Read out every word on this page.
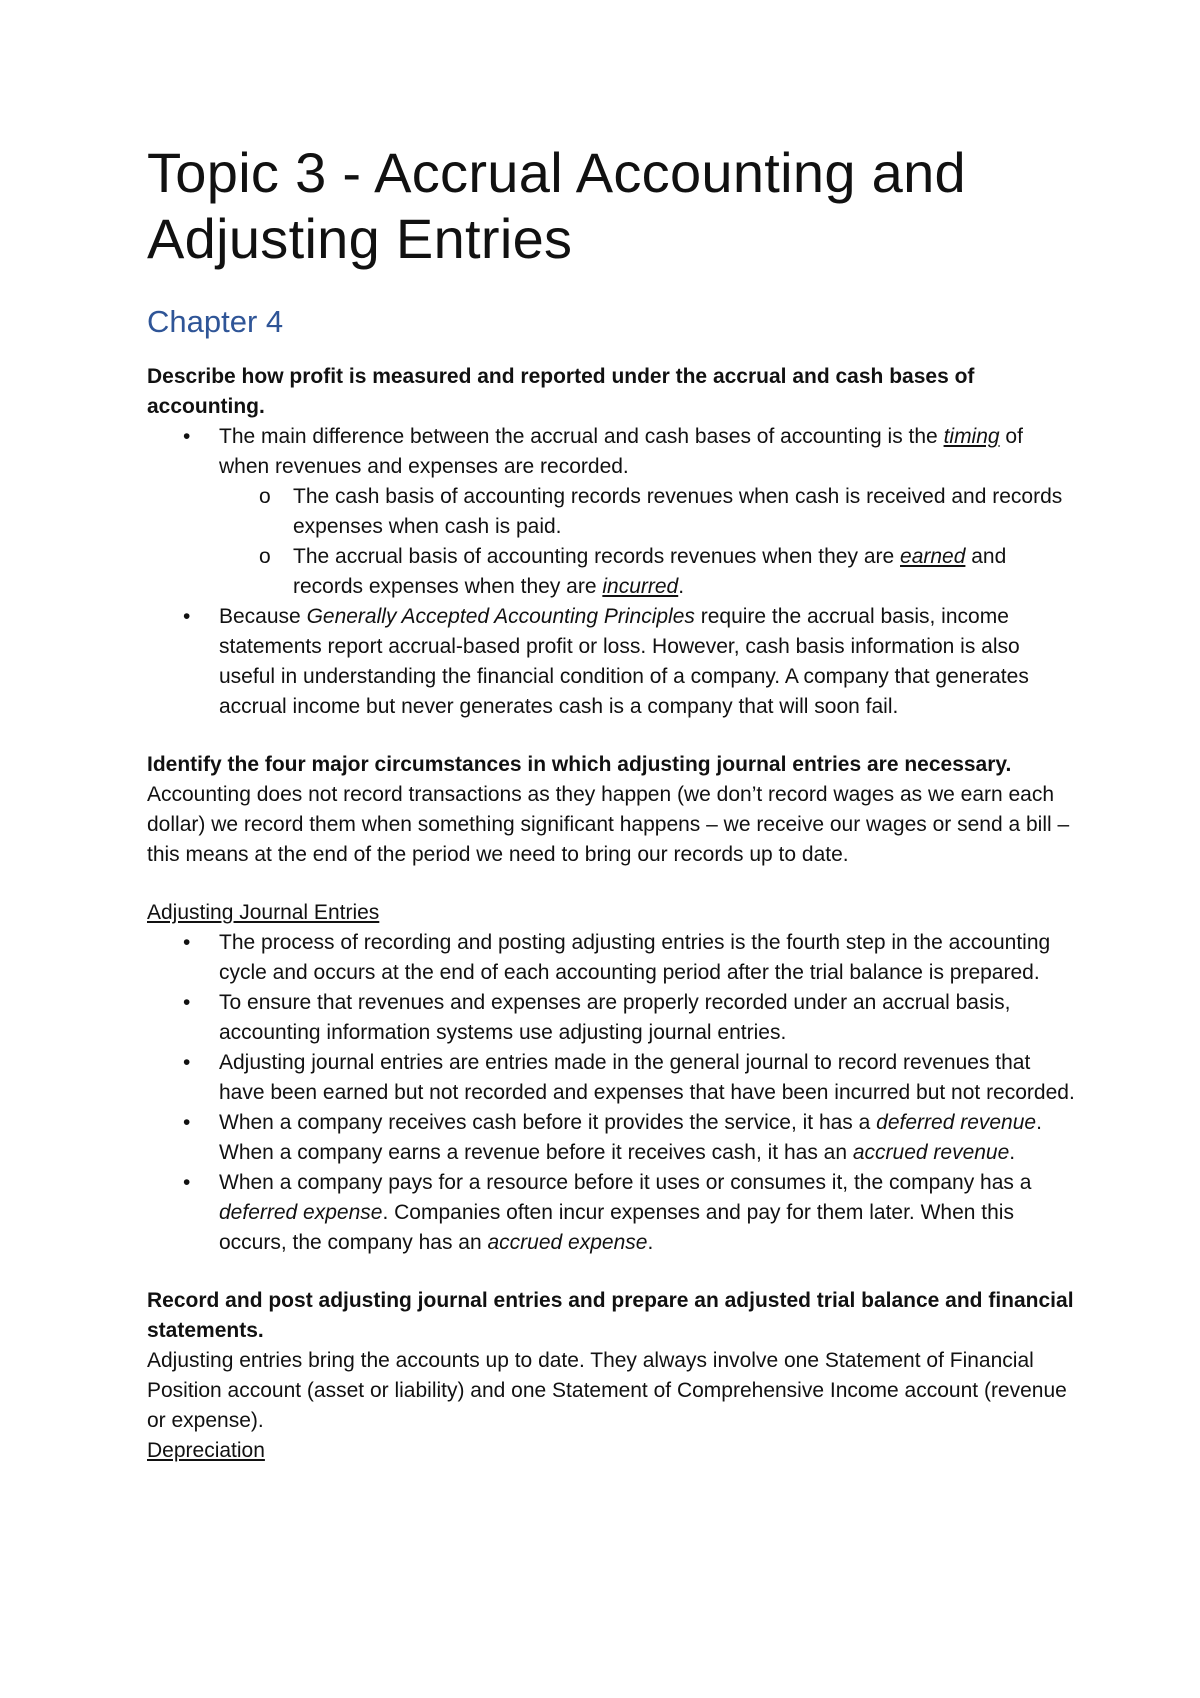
Topic 3 - Accrual Accounting and Adjusting Entries
Chapter 4

Describe how profit is measured and reported under the accrual and cash bases of accounting.

• The main difference between the accrual and cash bases of accounting is the timing of when revenues and expenses are recorded.
o The cash basis of accounting records revenues when cash is received and records expenses when cash is paid.
o The accrual basis of accounting records revenues when they are earned and records expenses when they are incurred.
• Because Generally Accepted Accounting Principles require the accrual basis, income statements report accrual-based profit or loss. However, cash basis information is also useful in understanding the financial condition of a company. A company that generates accrual income but never generates cash is a company that will soon fail.

Identify the four major circumstances in which adjusting journal entries are necessary.

Accounting does not record transactions as they happen (we don’t record wages as we earn each dollar) we record them when something significant happens – we receive our wages or send a bill – this means at the end of the period we need to bring our records up to date.

Adjusting Journal Entries

• The process of recording and posting adjusting entries is the fourth step in the accounting cycle and occurs at the end of each accounting period after the trial balance is prepared.
• To ensure that revenues and expenses are properly recorded under an accrual basis, accounting information systems use adjusting journal entries.
• Adjusting journal entries are entries made in the general journal to record revenues that have been earned but not recorded and expenses that have been incurred but not recorded.
• When a company receives cash before it provides the service, it has a deferred revenue. When a company earns a revenue before it receives cash, it has an accrued revenue.
• When a company pays for a resource before it uses or consumes it, the company has a deferred expense. Companies often incur expenses and pay for them later. When this occurs, the company has an accrued expense.

Record and post adjusting journal entries and prepare an adjusted trial balance and financial statements.

Adjusting entries bring the accounts up to date. They always involve one Statement of Financial Position account (asset or liability) and one Statement of Comprehensive Income account (revenue or expense).

Depreciation
